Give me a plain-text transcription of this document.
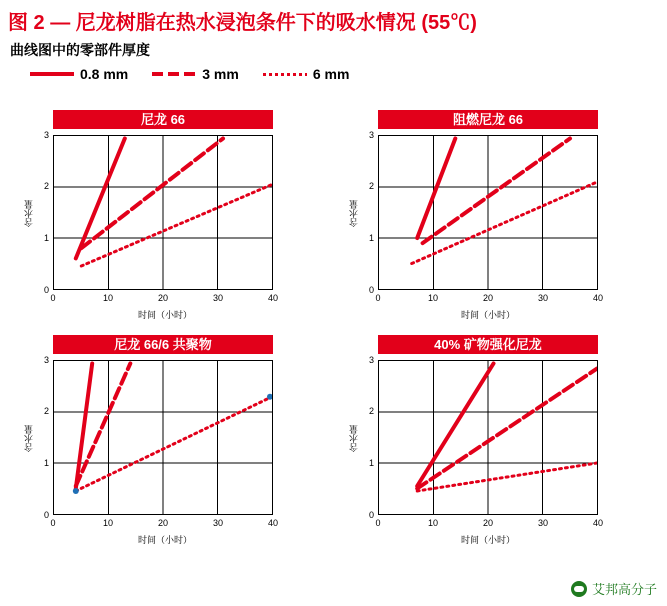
图 2 — 尼龙树脂在热水浸泡条件下的吸水情况 (55℃)
曲线图中的零部件厚度
0.8 mm	3 mm	6 mm
尼龙 66
含水量
3
2
1
0
0	10	20	30	40
时间（小时）
阻燃尼龙 66
含水量
3
2
1
0
0	10	20	30	40
时间（小时）
尼龙 66/6 共聚物
含水量
3
2
1
0
0	10	20	30	40
时间（小时）
40% 矿物强化尼龙
含水量
3
2
1
0
0	10	20	30	40
时间（小时）
艾邦高分子
